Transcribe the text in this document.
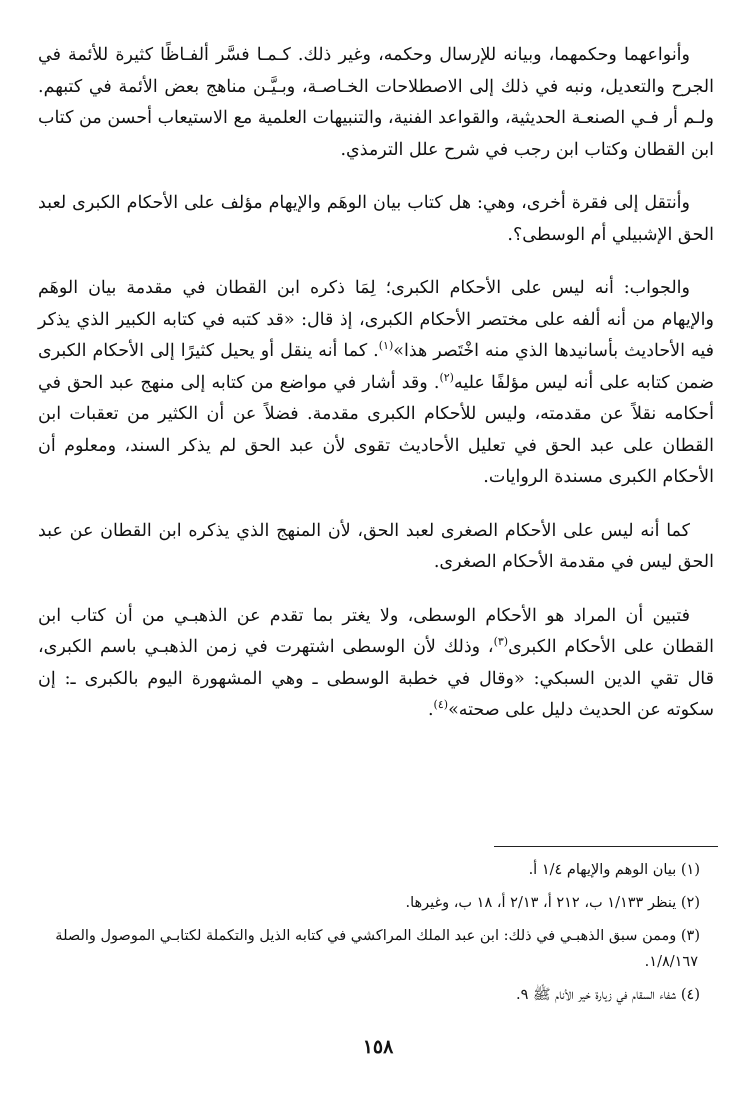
وأنواعهما وحكمهما، وبيانه للإرسال وحكمه، وغير ذلك. كـمـا فسَّر ألفـاظًا كثيرة للأئمة في الجرح والتعديل، ونبه في ذلك إلى الاصطلاحات الخـاصـة، وبـيَّـن مناهج بعض الأئمة في كتبهم. ولـم أر فـي الصنعـة الحديثية، والقواعد الفنية، والتنبيهات العلمية مع الاستيعاب أحسن من كتاب ابن القطان وكتاب ابن رجب في شرح علل الترمذي.

وأنتقل إلى فقرة أخرى، وهي: هل كتاب بيان الوهَم والإيهام مؤلف على الأحكام الكبرى لعبد الحق الإشبيلي أم الوسطى؟.

والجواب: أنه ليس على الأحكام الكبرى؛ لِمَا ذكره ابن القطان في مقدمة بيان الوهَم والإيهام من أنه ألفه على مختصر الأحكام الكبرى، إذ قال: «قد كتبه في كتابه الكبير الذي يذكر فيه الأحاديث بأسانيدها الذي منه اخْتَصر هذا»$^{(١)}$. كما أنه ينقل أو يحيل كثيرًا إلى الأحكام الكبرى ضمن كتابه على أنه ليس مؤلفًا عليه$^{(٢)}$. وقد أشار في مواضع من كتابه إلى منهج عبد الحق في أحكامه نقلاً عن مقدمته، وليس للأحكام الكبرى مقدمة. فضلاً عن أن الكثير من تعقبات ابن القطان على عبد الحق في تعليل الأحاديث تقوى لأن عبد الحق لم يذكر السند، ومعلوم أن الأحكام الكبرى مسندة الروايات.

كما أنه ليس على الأحكام الصغرى لعبد الحق، لأن المنهج الذي يذكره ابن القطان عن عبد الحق ليس في مقدمة الأحكام الصغرى.

فتبين أن المراد هو الأحكام الوسطى، ولا يغتر بما تقدم عن الذهبـي من أن كتاب ابن القطان على الأحكام الكبرى$^{(٣)}$، وذلك لأن الوسطى اشتهرت في زمن الذهبـي باسم الكبرى، قال تقي الدين السبكي: «وقال في خطبة الوسطى ـ وهي المشهورة اليوم بالكبرى ـ: إن سكوته عن الحديث دليل على صحته»$^{(٤)}$.

(١) بيان الوهم والإيهام ١/٤ أ.

(٢) ينظر ١/١٣٣ ب، ٢١٢ أ، ٢/١٣ أ، ١٨ ب، وغيرها.

(٣) وممن سبق الذهبـي في ذلك: ابن عبد الملك المراكشي في كتابه الذيل والتكملة لكتابـي الموصول والصلة ١/٨/١٦٧.

(٤) شفاء السقام في زيارة خير الأنام ﷺ ٩.

١٥٨
